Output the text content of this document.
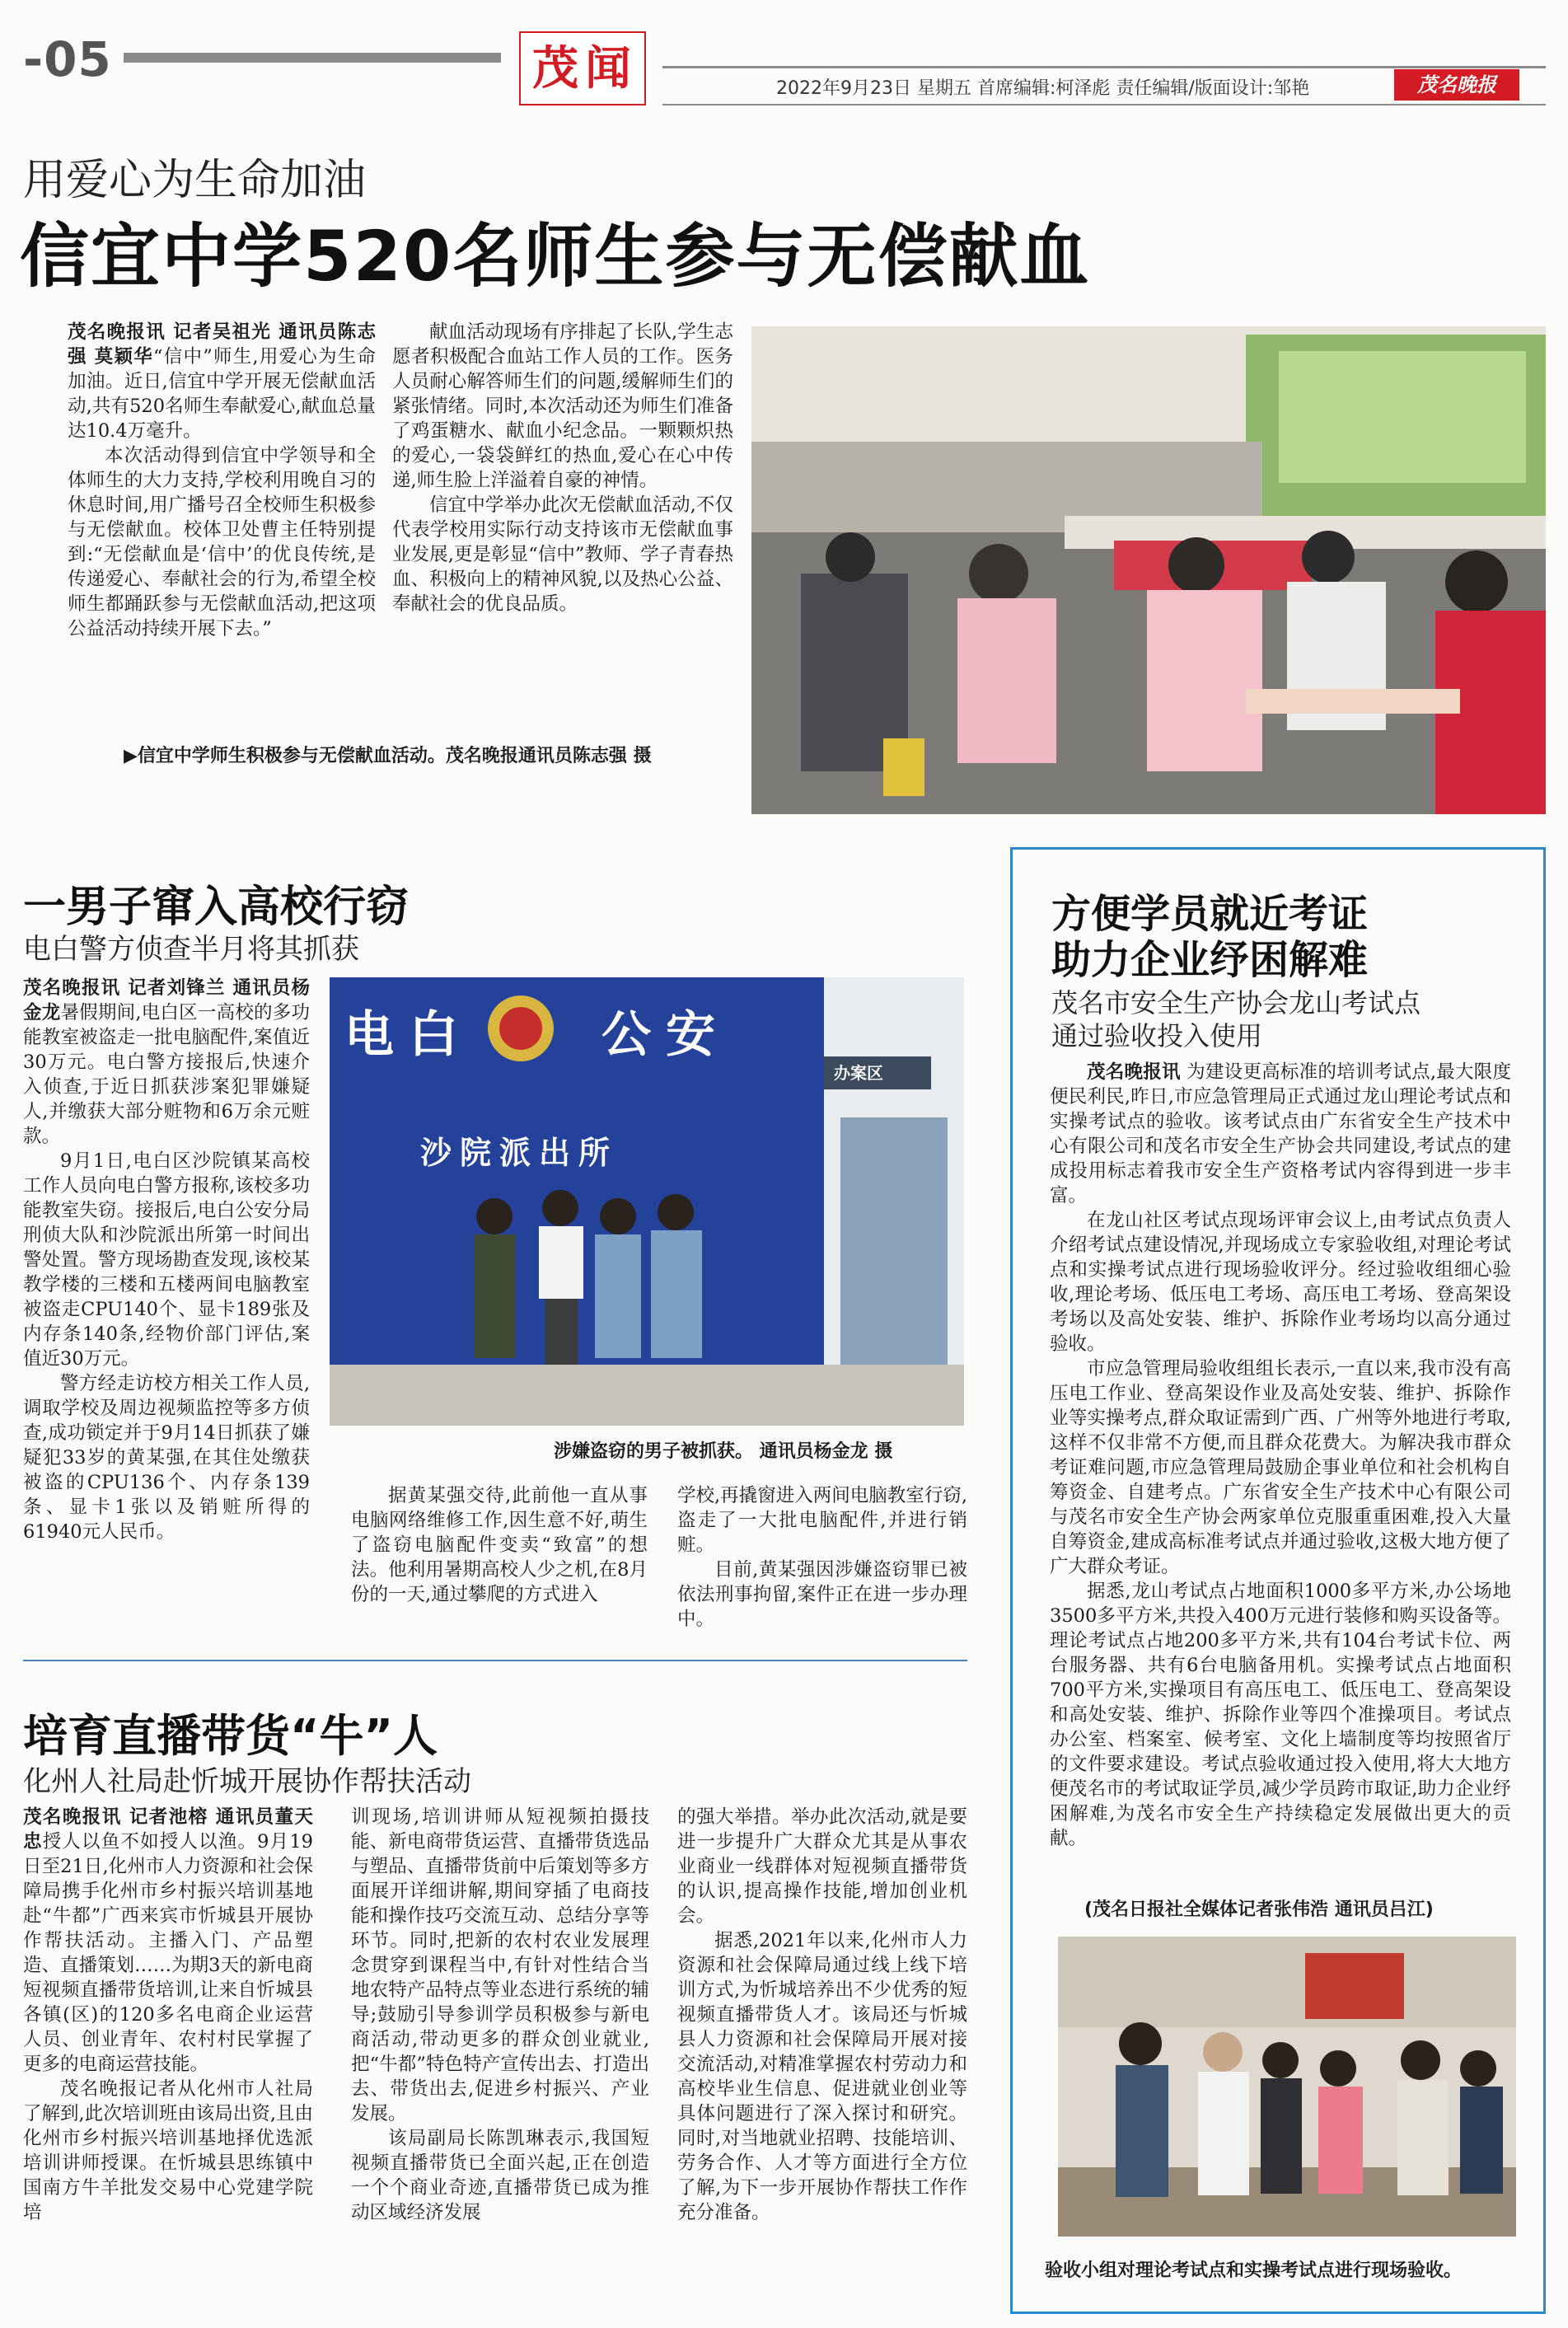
-05	茂闻	2022年9月23日 星期五 首席编辑:柯泽彪 责任编辑/版面设计:邹艳	茂名晚报
用爱心为生命加油
信宜中学520名师生参与无偿献血

茂名晚报讯 记者吴祖光 通讯员陈志强 莫颖华“信中”师生,用爱心为生命加油。近日,信宜中学开展无偿献血活动,共有520名师生奉献爱心,献血总量达10.4万毫升。

本次活动得到信宜中学领导和全体师生的大力支持,学校利用晚自习的休息时间,用广播号召全校师生积极参与无偿献血。校体卫处曹主任特别提到:“无偿献血是‘信中’的优良传统,是传递爱心、奉献社会的行为,希望全校师生都踊跃参与无偿献血活动,把这项公益活动持续开展下去。”

献血活动现场有序排起了长队,学生志愿者积极配合血站工作人员的工作。医务人员耐心解答师生们的问题,缓解师生们的紧张情绪。同时,本次活动还为师生们准备了鸡蛋糖水、献血小纪念品。一颗颗炽热的爱心,一袋袋鲜红的热血,爱心在心中传递,师生脸上洋溢着自豪的神情。

信宜中学举办此次无偿献血活动,不仅代表学校用实际行动支持该市无偿献血事业发展,更是彰显“信中”教师、学子青春热血、积极向上的精神风貌,以及热心公益、奉献社会的优良品质。

▶信宜中学师生积极参与无偿献血活动。茂名晚报通讯员陈志强 摄
一男子窜入高校行窃
电白警方侦查半月将其抓获

茂名晚报讯 记者刘锋兰 通讯员杨金龙暑假期间,电白区一高校的多功能教室被盗走一批电脑配件,案值近30万元。电白警方接报后,快速介入侦查,于近日抓获涉案犯罪嫌疑人,并缴获大部分赃物和6万余元赃款。

9月1日,电白区沙院镇某高校工作人员向电白警方报称,该校多功能教室失窃。接报后,电白公安分局刑侦大队和沙院派出所第一时间出警处置。警方现场勘查发现,该校某教学楼的三楼和五楼两间电脑教室被盗走CPU140个、显卡189张及内存条140条,经物价部门评估,案值近30万元。

警方经走访校方相关工作人员,调取学校及周边视频监控等多方侦查,成功锁定并于9月14日抓获了嫌疑犯33岁的黄某强,在其住处缴获被盗的CPU136个、内存条139条、显卡1张以及销赃所得的61940元人民币。

电白	公安
沙院派出所
办案区
涉嫌盗窃的男子被抓获。 通讯员杨金龙 摄

据黄某强交待,此前他一直从事电脑网络维修工作,因生意不好,萌生了盗窃电脑配件变卖“致富”的想法。他利用暑期高校人少之机,在8月份的一天,通过攀爬的方式进入

学校,再撬窗进入两间电脑教室行窃,盗走了一大批电脑配件,并进行销赃。

目前,黄某强因涉嫌盗窃罪已被依法刑事拘留,案件正在进一步办理中。

方便学员就近考证
助力企业纾困解难
茂名市安全生产协会龙山考试点
通过验收投入使用

茂名晚报讯 为建设更高标准的培训考试点,最大限度便民利民,昨日,市应急管理局正式通过龙山理论考试点和实操考试点的验收。该考试点由广东省安全生产技术中心有限公司和茂名市安全生产协会共同建设,考试点的建成投用标志着我市安全生产资格考试内容得到进一步丰富。

在龙山社区考试点现场评审会议上,由考试点负责人介绍考试点建设情况,并现场成立专家验收组,对理论考试点和实操考试点进行现场验收评分。经过验收组细心验收,理论考场、低压电工考场、高压电工考场、登高架设考场以及高处安装、维护、拆除作业考场均以高分通过验收。

市应急管理局验收组组长表示,一直以来,我市没有高压电工作业、登高架设作业及高处安装、维护、拆除作业等实操考点,群众取证需到广西、广州等外地进行考取,这样不仅非常不方便,而且群众花费大。为解决我市群众考证难问题,市应急管理局鼓励企事业单位和社会机构自筹资金、自建考点。广东省安全生产技术中心有限公司与茂名市安全生产协会两家单位克服重重困难,投入大量自筹资金,建成高标准考试点并通过验收,这极大地方便了广大群众考证。

据悉,龙山考试点占地面积1000多平方米,办公场地3500多平方米,共投入400万元进行装修和购买设备等。理论考试点占地200多平方米,共有104台考试卡位、两台服务器、共有6台电脑备用机。实操考试点占地面积700平方米,实操项目有高压电工、低压电工、登高架设和高处安装、维护、拆除作业等四个准操项目。考试点办公室、档案室、候考室、文化上墙制度等均按照省厅的文件要求建设。考试点验收通过投入使用,将大大地方便茂名市的考试取证学员,减少学员跨市取证,助力企业纾困解难,为茂名市安全生产持续稳定发展做出更大的贡献。

(茂名日报社全媒体记者张伟浩 通讯员吕江)
验收小组对理论考试点和实操考试点进行现场验收。
培育直播带货“牛”人
化州人社局赴忻城开展协作帮扶活动

茂名晚报讯 记者池榕 通讯员董天忠授人以鱼不如授人以渔。9月19日至21日,化州市人力资源和社会保障局携手化州市乡村振兴培训基地赴“牛都”广西来宾市忻城县开展协作帮扶活动。主播入门、产品塑造、直播策划……为期3天的新电商短视频直播带货培训,让来自忻城县各镇(区)的120多名电商企业运营人员、创业青年、农村村民掌握了更多的电商运营技能。

茂名晚报记者从化州市人社局了解到,此次培训班由该局出资,且由化州市乡村振兴培训基地择优选派培训讲师授课。在忻城县思练镇中国南方牛羊批发交易中心党建学院培

训现场,培训讲师从短视频拍摄技能、新电商带货运营、直播带货选品与塑品、直播带货前中后策划等多方面展开详细讲解,期间穿插了电商技能和操作技巧交流互动、总结分享等环节。同时,把新的农村农业发展理念贯穿到课程当中,有针对性结合当地农特产品特点等业态进行系统的辅导;鼓励引导参训学员积极参与新电商活动,带动更多的群众创业就业,把“牛都”特色特产宣传出去、打造出去、带货出去,促进乡村振兴、产业发展。

该局副局长陈凯琳表示,我国短视频直播带货已全面兴起,正在创造一个个商业奇迹,直播带货已成为推动区域经济发展

的强大举措。举办此次活动,就是要进一步提升广大群众尤其是从事农业商业一线群体对短视频直播带货的认识,提高操作技能,增加创业机会。

据悉,2021年以来,化州市人力资源和社会保障局通过线上线下培训方式,为忻城培养出不少优秀的短视频直播带货人才。该局还与忻城县人力资源和社会保障局开展对接交流活动,对精准掌握农村劳动力和高校毕业生信息、促进就业创业等具体问题进行了深入探讨和研究。同时,对当地就业招聘、技能培训、劳务合作、人才等方面进行全方位了解,为下一步开展协作帮扶工作作充分准备。
